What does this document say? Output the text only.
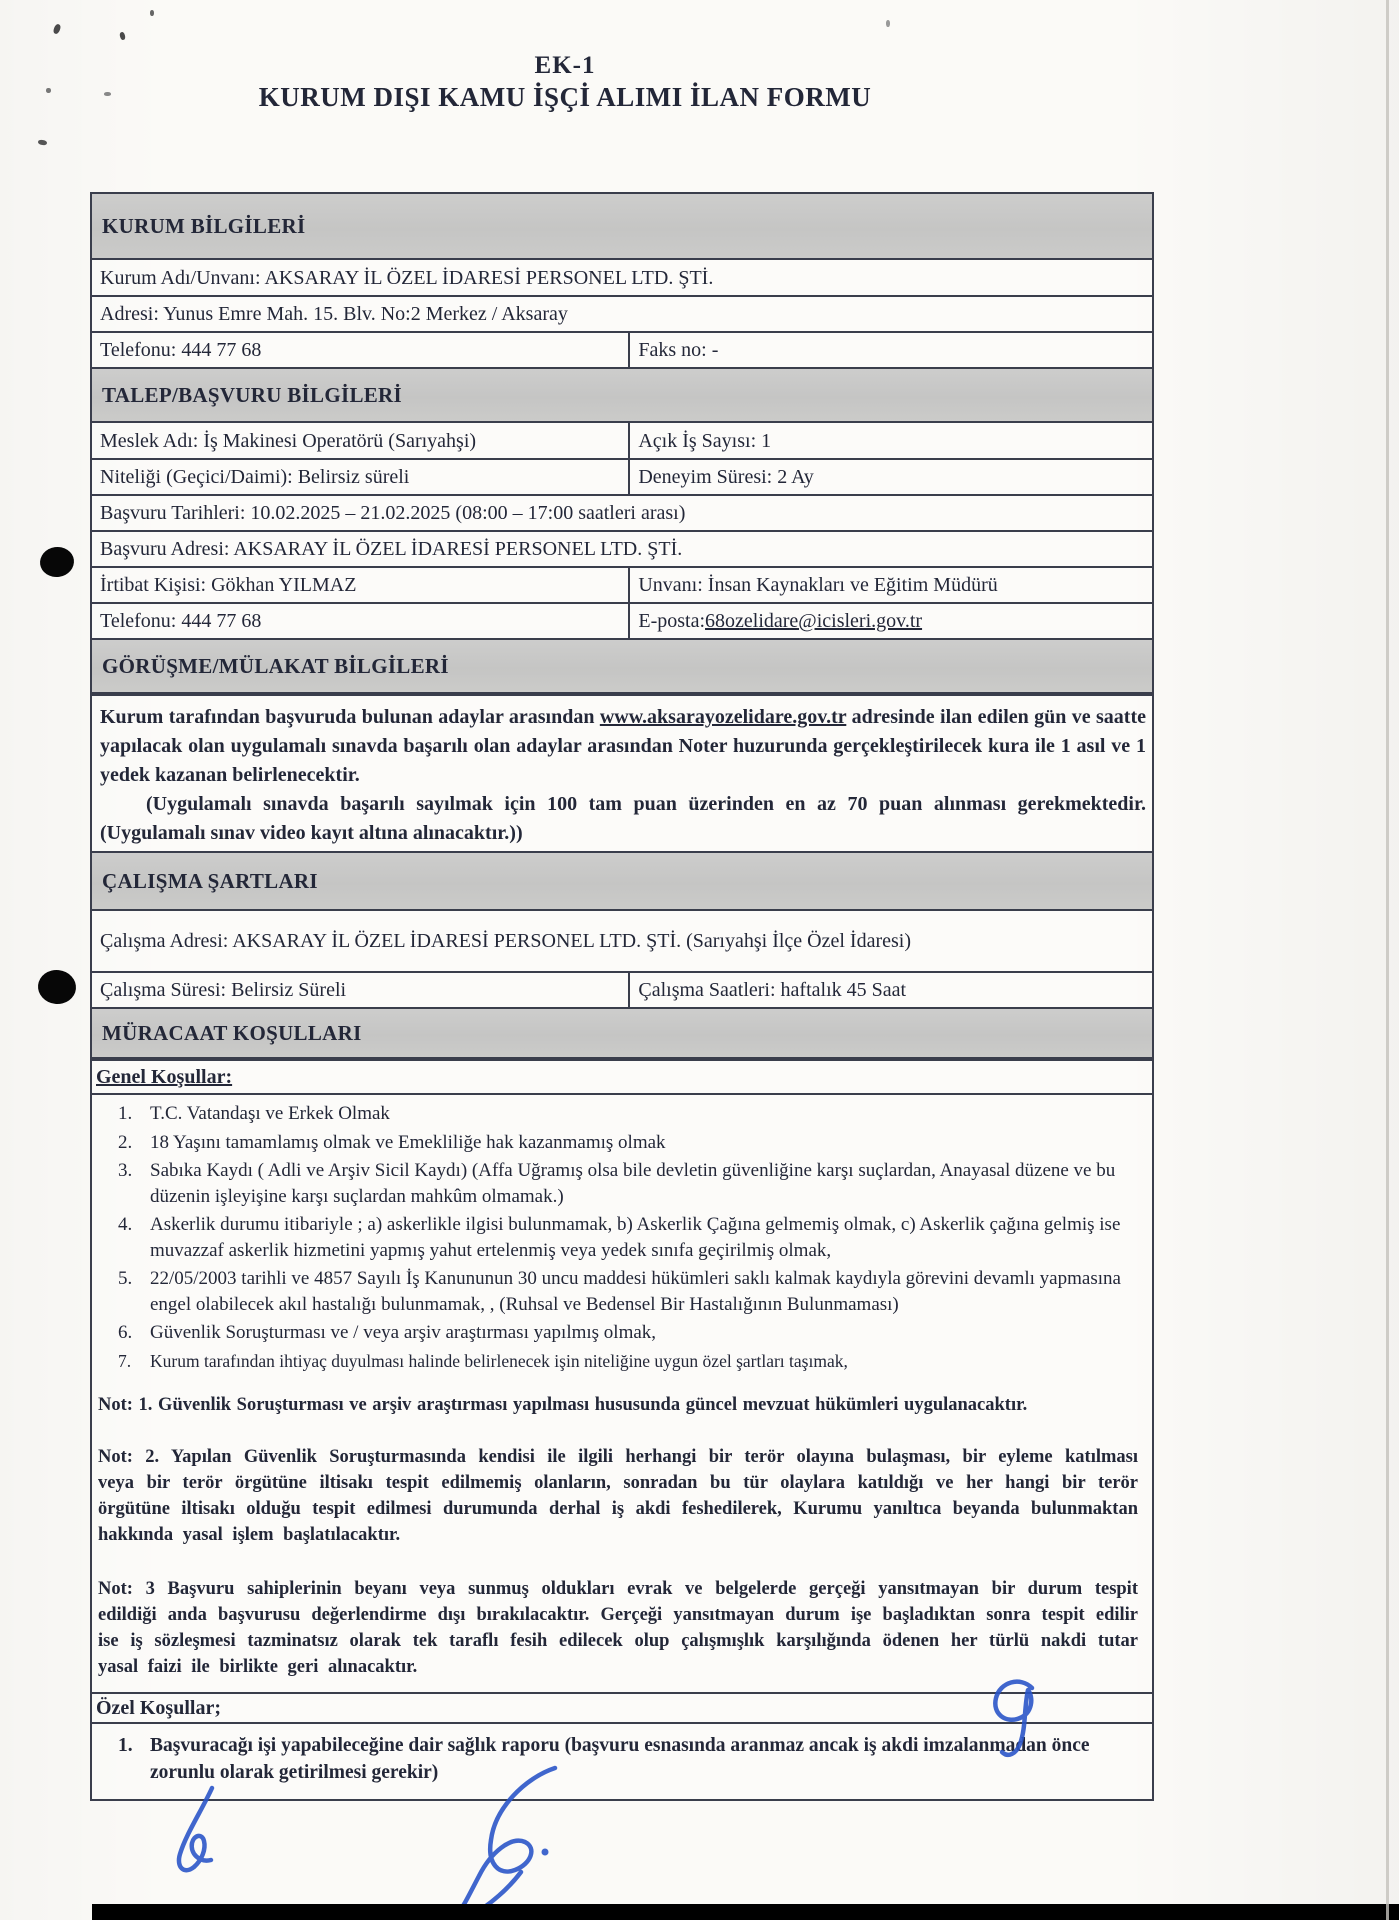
EK-1
KURUM DIŞI KAMU İŞÇİ ALIMI İLAN FORMU
KURUM BİLGİLERİ
Kurum Adı/Unvanı: AKSARAY İL ÖZEL İDARESİ PERSONEL LTD. ŞTİ.
Adresi: Yunus Emre Mah. 15. Blv. No:2 Merkez / Aksaray
Telefonu: 444 77 68	Faks no: -
TALEP/BAŞVURU BİLGİLERİ
Meslek Adı: İş Makinesi Operatörü (Sarıyahşi)	Açık İş Sayısı: 1
Niteliği (Geçici/Daimi): Belirsiz süreli	Deneyim Süresi: 2 Ay
Başvuru Tarihleri: 10.02.2025 – 21.02.2025 (08:00 – 17:00 saatleri arası)
Başvuru Adresi: AKSARAY İL ÖZEL İDARESİ PERSONEL LTD. ŞTİ.
İrtibat Kişisi: Gökhan YILMAZ	Unvanı: İnsan Kaynakları ve Eğitim Müdürü
Telefonu: 444 77 68	E-posta: 68ozelidare@icisleri.gov.tr
GÖRÜŞME/MÜLAKAT BİLGİLERİ
Kurum tarafından başvuruda bulunan adaylar arasından www.aksarayozelidare.gov.tr adresinde ilan edilen gün ve saatte yapılacak olan uygulamalı sınavda başarılı olan adaylar arasından Noter huzurunda gerçekleştirilecek kura ile 1 asıl ve 1 yedek kazanan belirlenecektir.
(Uygulamalı sınavda başarılı sayılmak için 100 tam puan üzerinden en az 70 puan alınması gerekmektedir. (Uygulamalı sınav video kayıt altına alınacaktır.))
ÇALIŞMA ŞARTLARI
Çalışma Adresi: AKSARAY İL ÖZEL İDARESİ PERSONEL LTD. ŞTİ. (Sarıyahşi İlçe Özel İdaresi)
Çalışma Süresi: Belirsiz Süreli	Çalışma Saatleri: haftalık 45 Saat
MÜRACAAT KOŞULLARI
Genel Koşullar:
T.C. Vatandaşı ve Erkek Olmak
18 Yaşını tamamlamış olmak ve Emekliliğe hak kazanmamış olmak
Sabıka Kaydı ( Adli ve Arşiv Sicil Kaydı) (Affa Uğramış olsa bile devletin güvenliğine karşı suçlardan, Anayasal düzene ve bu düzenin işleyişine karşı suçlardan mahkûm olmamak.)
Askerlik durumu itibariyle ; a) askerlikle ilgisi bulunmamak, b) Askerlik Çağına gelmemiş olmak, c) Askerlik çağına gelmiş ise muvazzaf askerlik hizmetini yapmış yahut ertelenmiş veya yedek sınıfa geçirilmiş olmak,
22/05/2003 tarihli ve 4857 Sayılı İş Kanununun 30 uncu maddesi hükümleri saklı kalmak kaydıyla görevini devamlı yapmasına engel olabilecek akıl hastalığı bulunmamak, , (Ruhsal ve Bedensel Bir Hastalığının Bulunmaması)
Güvenlik Soruşturması ve / veya arşiv araştırması yapılmış olmak,
Kurum tarafından ihtiyaç duyulması halinde belirlenecek işin niteliğine uygun özel şartları taşımak,
Not: 1. Güvenlik Soruşturması ve arşiv araştırması yapılması hususunda güncel mevzuat hükümleri uygulanacaktır.
Not: 2. Yapılan Güvenlik Soruşturmasında kendisi ile ilgili herhangi bir terör olayına bulaşması, bir eyleme katılması veya bir terör örgütüne iltisakı tespit edilmemiş olanların, sonradan bu tür olaylara katıldığı ve her hangi bir terör örgütüne iltisakı olduğu tespit edilmesi durumunda derhal iş akdi feshedilerek, Kurumu yanıltıca beyanda bulunmaktan hakkında yasal işlem başlatılacaktır.
Not: 3 Başvuru sahiplerinin beyanı veya sunmuş oldukları evrak ve belgelerde gerçeği yansıtmayan bir durum tespit edildiği anda başvurusu değerlendirme dışı bırakılacaktır. Gerçeği yansıtmayan durum işe başladıktan sonra tespit edilir ise iş sözleşmesi tazminatsız olarak tek taraflı fesih edilecek olup çalışmışlık karşılığında ödenen her türlü nakdi tutar yasal faizi ile birlikte geri alınacaktır.
Özel Koşullar;
Başvuracağı işi yapabileceğine dair sağlık raporu (başvuru esnasında aranmaz ancak iş akdi imzalanmadan önce zorunlu olarak getirilmesi gerekir)
